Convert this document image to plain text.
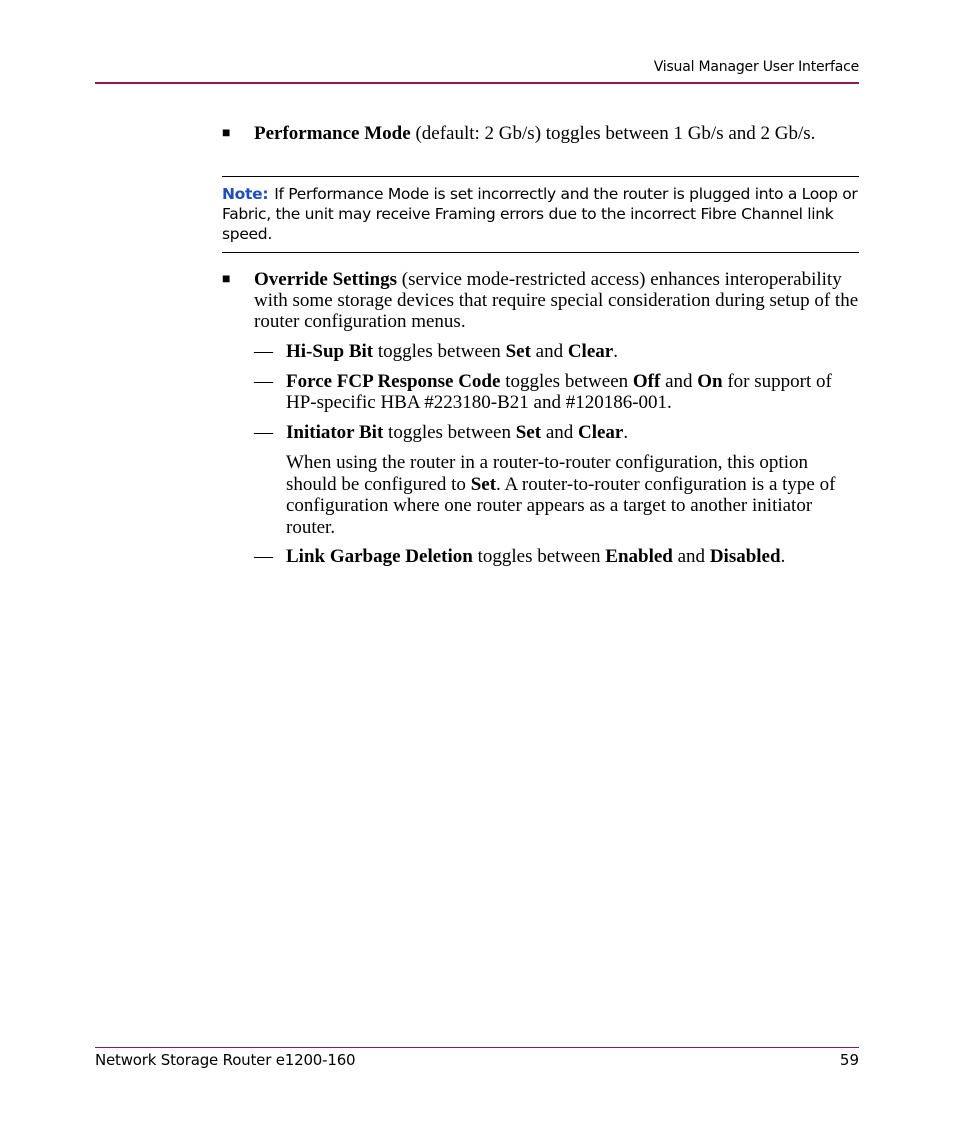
Visual Manager User Interface
■	Performance Mode (default: 2 Gb/s) toggles between 1 Gb/s and 2 Gb/s.
Note: If Performance Mode is set incorrectly and the router is plugged into a Loop or Fabric, the unit may receive Framing errors due to the incorrect Fibre Channel link speed.
■	Override Settings (service mode-restricted access) enhances interoperability with some storage devices that require special consideration during setup of the router configuration menus.
— Hi-Sup Bit toggles between Set and Clear.
— Force FCP Response Code toggles between Off and On for support of HP-specific HBA #223180-B21 and #120186-001.
— Initiator Bit toggles between Set and Clear.
When using the router in a router-to-router configuration, this option should be configured to Set. A router-to-router configuration is a type of configuration where one router appears as a target to another initiator router.
— Link Garbage Deletion toggles between Enabled and Disabled.
Network Storage Router e1200-160	59
